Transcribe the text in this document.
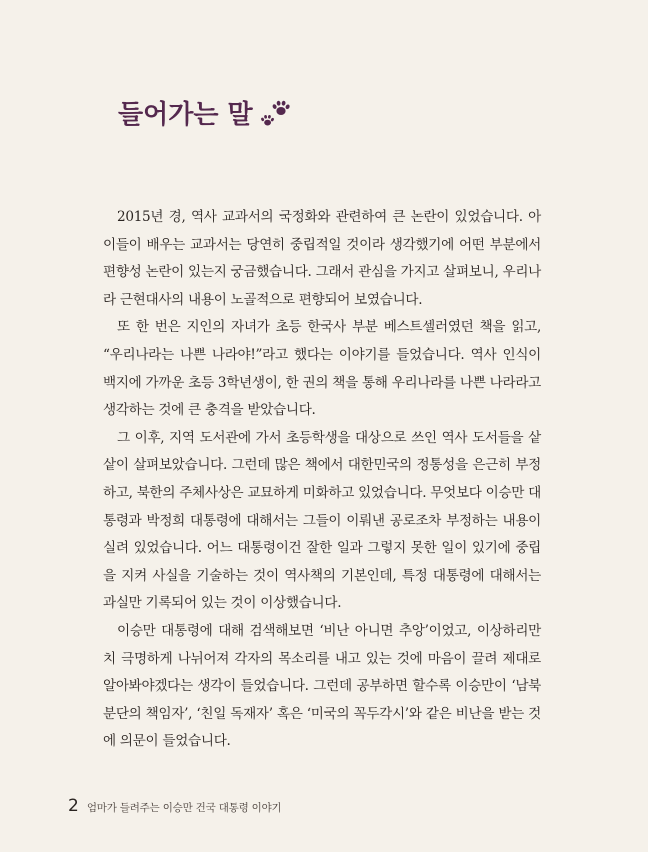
들어가는 말

2015년 경, 역사 교과서의 국정화와 관련하여 큰 논란이 있었습니다. 아이들이 배우는 교과서는 당연히 중립적일 것이라 생각했기에 어떤 부분에서 편향성 논란이 있는지 궁금했습니다. 그래서 관심을 가지고 살펴보니, 우리나라 근현대사의 내용이 노골적으로 편향되어 보였습니다.

또 한 번은 지인의 자녀가 초등 한국사 부분 베스트셀러였던 책을 읽고, “우리나라는 나쁜 나라야!”라고 했다는 이야기를 들었습니다. 역사 인식이 백지에 가까운 초등 3학년생이, 한 권의 책을 통해 우리나라를 나쁜 나라라고 생각하는 것에 큰 충격을 받았습니다.

그 이후, 지역 도서관에 가서 초등학생을 대상으로 쓰인 역사 도서들을 샅샅이 살펴보았습니다. 그런데 많은 책에서 대한민국의 정통성을 은근히 부정하고, 북한의 주체사상은 교묘하게 미화하고 있었습니다. 무엇보다 이승만 대통령과 박정희 대통령에 대해서는 그들이 이뤄낸 공로조차 부정하는 내용이 실려 있었습니다. 어느 대통령이건 잘한 일과 그렇지 못한 일이 있기에 중립을 지켜 사실을 기술하는 것이 역사책의 기본인데, 특정 대통령에 대해서는 과실만 기록되어 있는 것이 이상했습니다.

이승만 대통령에 대해 검색해보면 ‘비난 아니면 추앙’이었고, 이상하리만치 극명하게 나뉘어져 각자의 목소리를 내고 있는 것에 마음이 끌려 제대로 알아봐야겠다는 생각이 들었습니다. 그런데 공부하면 할수록 이승만이 ‘남북 분단의 책임자’, ‘친일 독재자’ 혹은 ‘미국의 꼭두각시’와 같은 비난을 받는 것에 의문이 들었습니다.

2 엄마가 들려주는 이승만 건국 대통령 이야기
